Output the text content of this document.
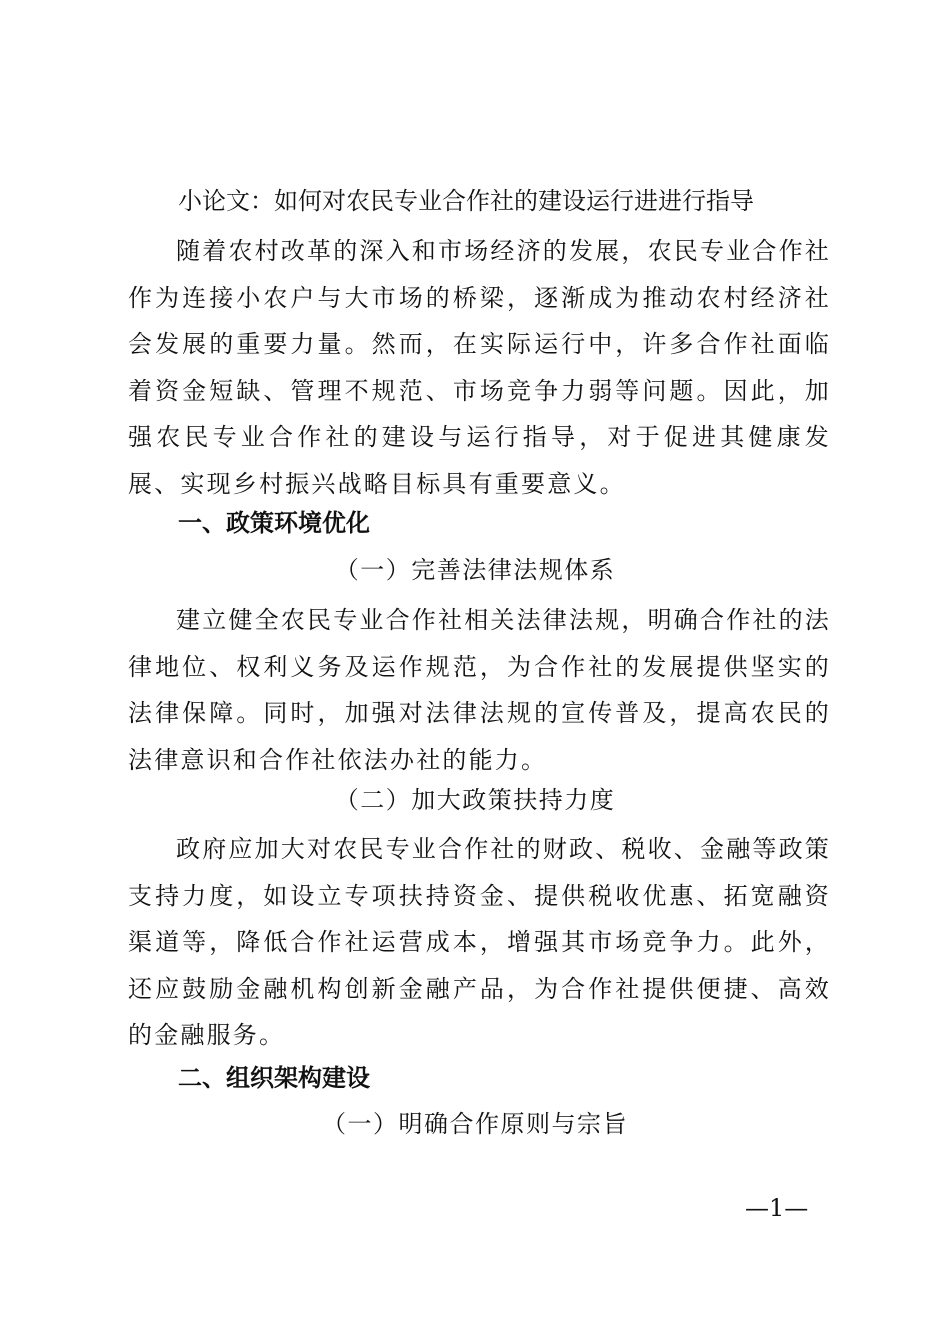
小论文：如何对农民专业合作社的建设运行进进行指导
随着农村改革的深入和市场经济的发展，农民专业合作社作为连接小农户与大市场的桥梁，逐渐成为推动农村经济社会发展的重要力量。然而，在实际运行中，许多合作社面临着资金短缺、管理不规范、市场竞争力弱等问题。因此，加强农民专业合作社的建设与运行指导，对于促进其健康发展、实现乡村振兴战略目标具有重要意义。
一、政策环境优化
（一）完善法律法规体系
建立健全农民专业合作社相关法律法规，明确合作社的法律地位、权利义务及运作规范，为合作社的发展提供坚实的法律保障。同时，加强对法律法规的宣传普及，提高农民的法律意识和合作社依法办社的能力。
（二）加大政策扶持力度
政府应加大对农民专业合作社的财政、税收、金融等政策支持力度，如设立专项扶持资金、提供税收优惠、拓宽融资渠道等，降低合作社运营成本，增强其市场竞争力。此外，还应鼓励金融机构创新金融产品，为合作社提供便捷、高效的金融服务。
二、组织架构建设
（一）明确合作原则与宗旨
—1—
